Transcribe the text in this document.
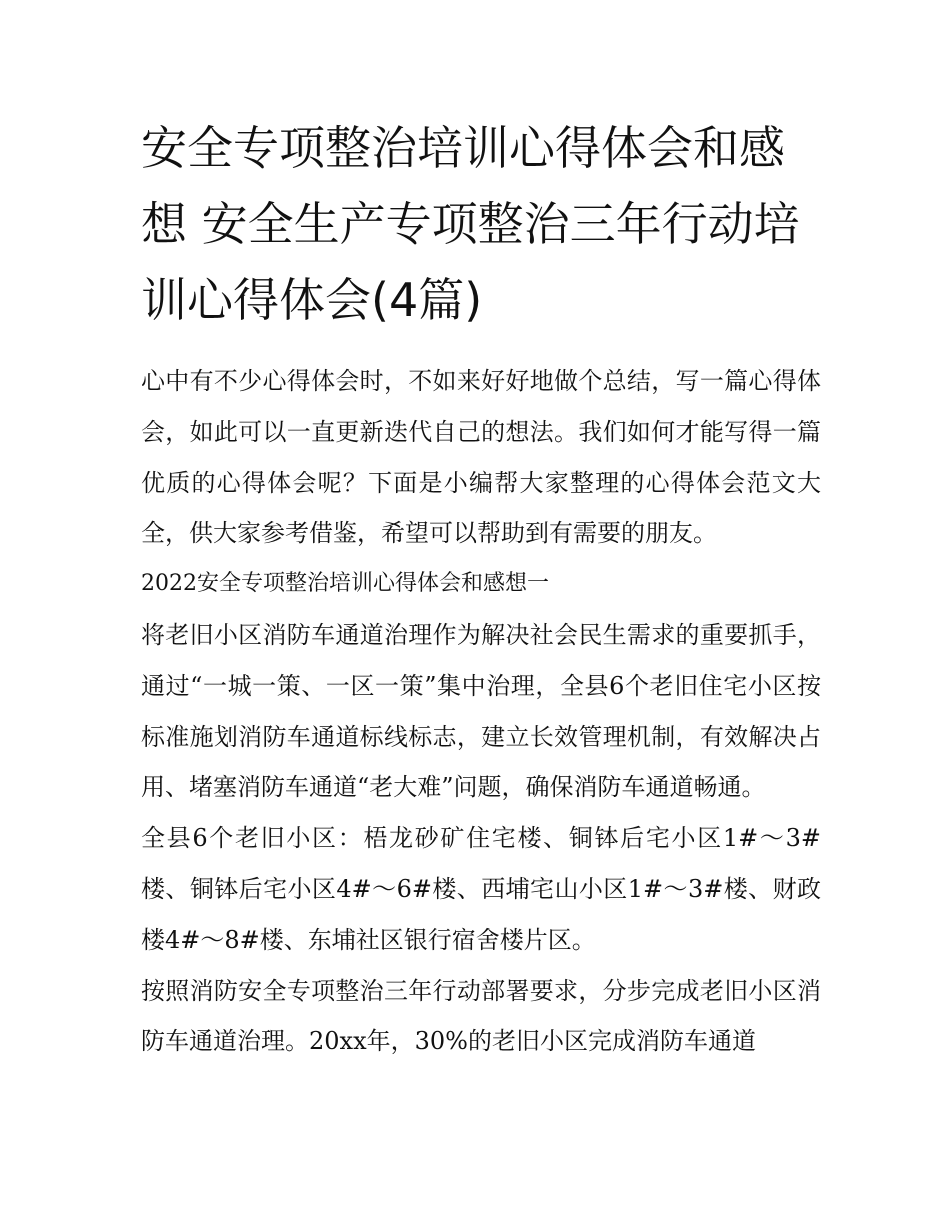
安全专项整治培训心得体会和感想 安全生产专项整治三年行动培训心得体会(4篇)

心中有不少心得体会时，不如来好好地做个总结，写一篇心得体会，如此可以一直更新迭代自己的想法。我们如何才能写得一篇优质的心得体会呢？下面是小编帮大家整理的心得体会范文大全，供大家参考借鉴，希望可以帮助到有需要的朋友。

2022安全专项整治培训心得体会和感想一

将老旧小区消防车通道治理作为解决社会民生需求的重要抓手，通过“一城一策、一区一策”集中治理，全县6个老旧住宅小区按标准施划消防车通道标线标志，建立长效管理机制，有效解决占用、堵塞消防车通道“老大难”问题，确保消防车通道畅通。

全县6个老旧小区：梧龙砂矿住宅楼、铜钵后宅小区1#～3#楼、铜钵后宅小区4#～6#楼、西埔宅山小区1#～3#楼、财政楼4#～8#楼、东埔社区银行宿舍楼片区。

按照消防安全专项整治三年行动部署要求，分步完成老旧小区消防车通道治理。20xx年，30%的老旧小区完成消防车通道
